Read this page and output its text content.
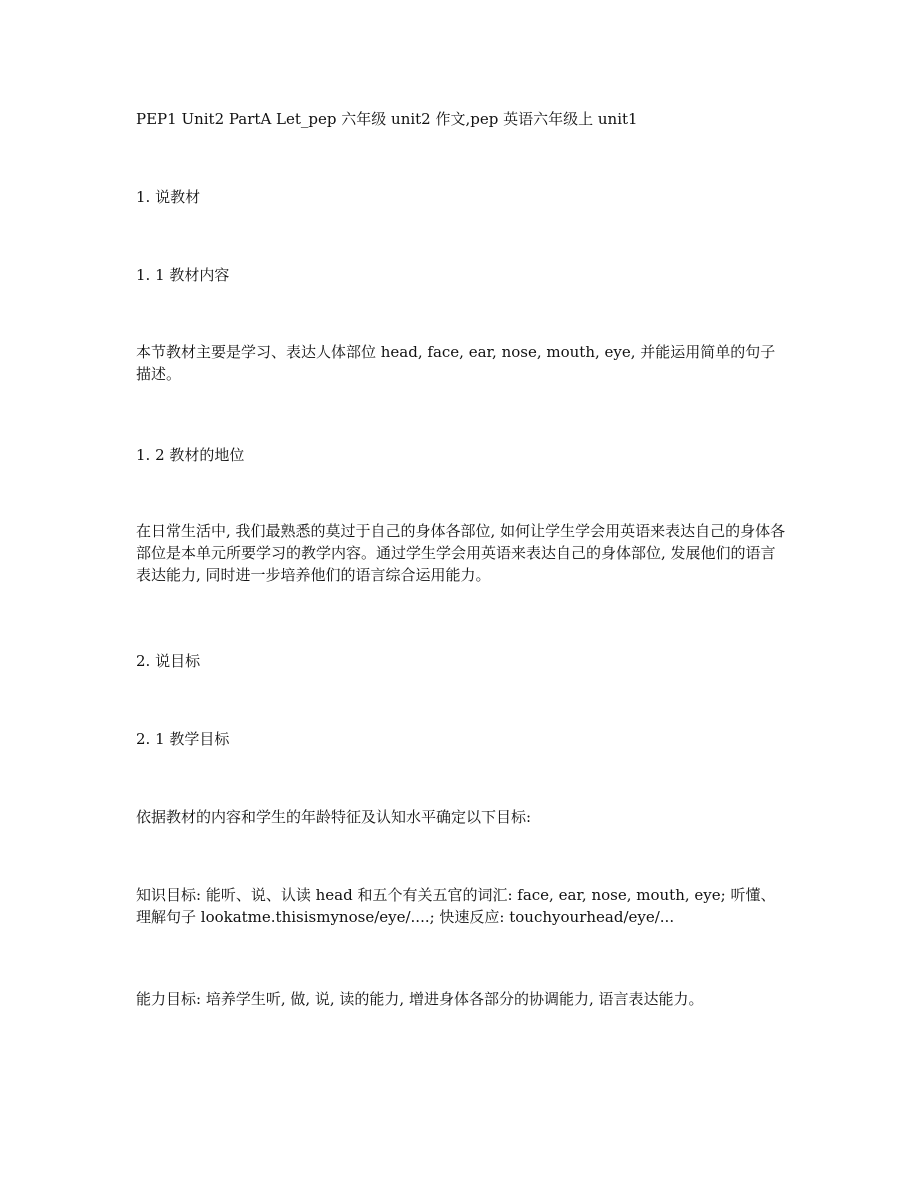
PEP1 Unit2 PartA Let_pep 六年级 unit2 作文,pep 英语六年级上 unit1
1. 说教材
1. 1 教材内容
本节教材主要是学习、表达人体部位 head, face, ear, nose, mouth, eye, 并能运用简单的句子描述。
1. 2 教材的地位
在日常生活中, 我们最熟悉的莫过于自己的身体各部位, 如何让学生学会用英语来表达自己的身体各部位是本单元所要学习的教学内容。通过学生学会用英语来表达自己的身体部位, 发展他们的语言表达能力, 同时进一步培养他们的语言综合运用能力。
2. 说目标
2. 1 教学目标
依据教材的内容和学生的年龄特征及认知水平确定以下目标:
知识目标: 能听、说、认读 head 和五个有关五官的词汇: face, ear, nose, mouth, eye; 听懂、理解句子 lookatme.thisismynose/eye/....; 快速反应: touchyourhead/eye/...
能力目标: 培养学生听, 做, 说, 读的能力, 增进身体各部分的协调能力, 语言表达能力。
